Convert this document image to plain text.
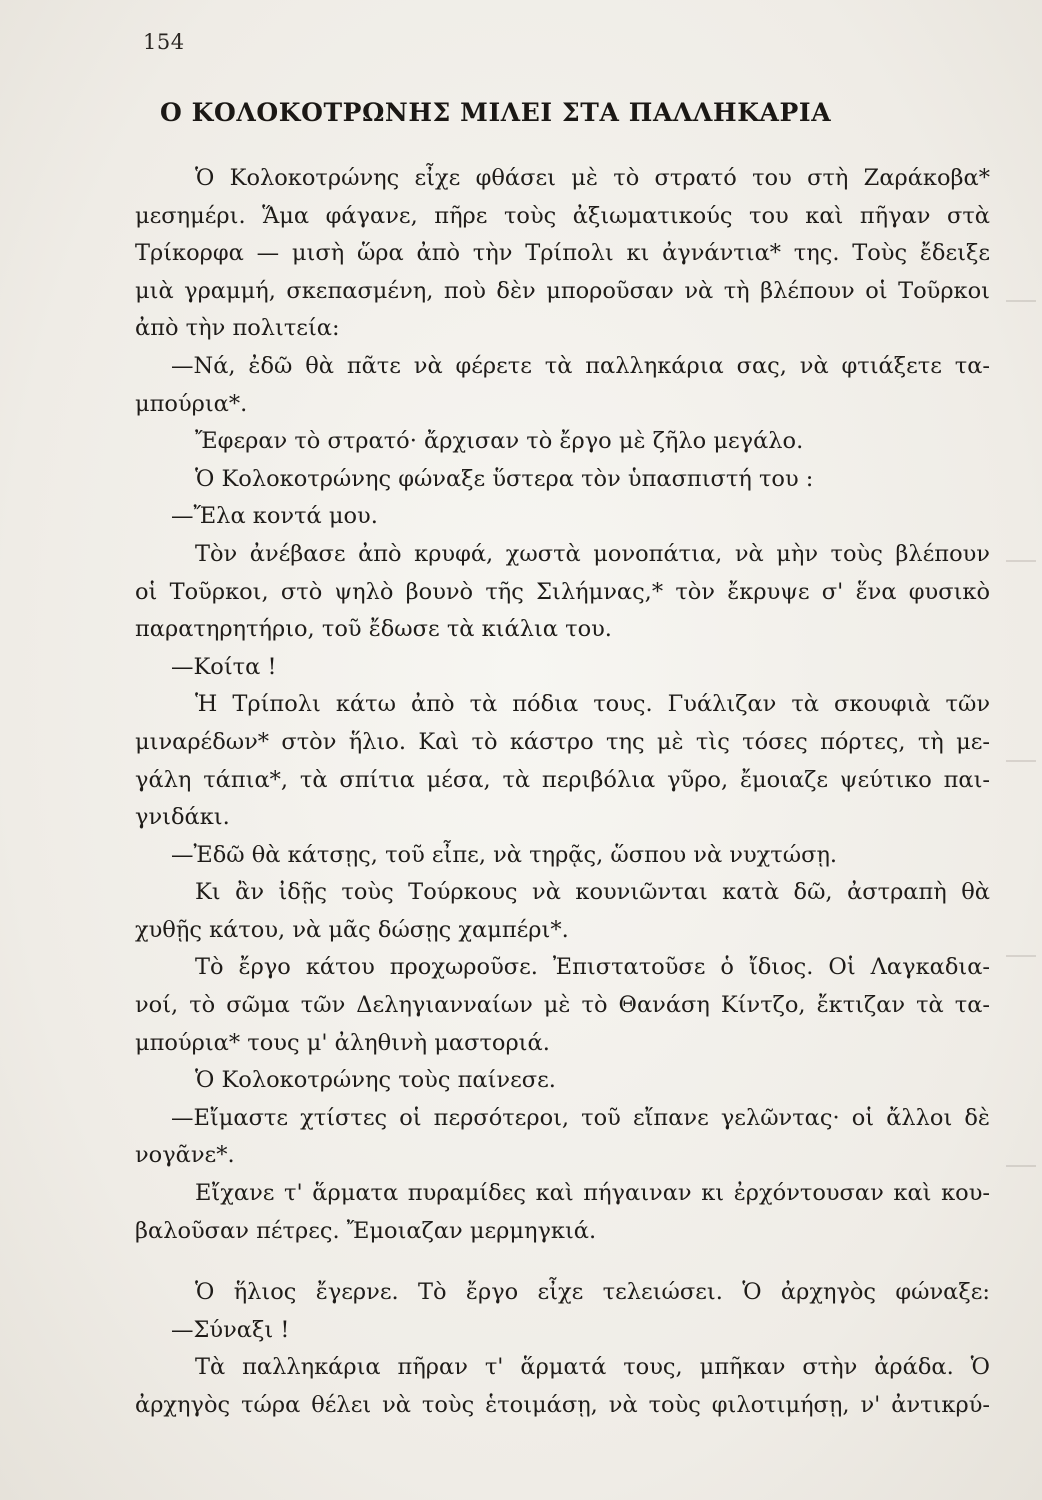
154
Ο ΚΟΛΟΚΟΤΡΩΝΗΣ ΜΙΛΕΙ ΣΤΑ ΠΑΛΛΗΚΑΡΙΑ
Ὁ Κολοκοτρώνης εἶχε φθάσει μὲ τὸ στρατό του στὴ Ζαράκοβα*
μεσημέρι. Ἅμα φάγανε, πῆρε τοὺς ἀξιωματικούς του καὶ πῆγαν στὰ
Τρίκορφα — μισὴ ὥρα ἀπὸ τὴν Τρίπολι κι ἀγνάντια* της. Τοὺς ἔδειξε
μιὰ γραμμή, σκεπασμένη, ποὺ δὲν μποροῦσαν νὰ τὴ βλέπουν οἱ Τοῦρκοι
ἀπὸ τὴν πολιτεία:
—Νά, ἐδῶ θὰ πᾶτε νὰ φέρετε τὰ παλληκάρια σας, νὰ φτιάξετε τα-
μπούρια*.
Ἔφεραν τὸ στρατό· ἄρχισαν τὸ ἔργο μὲ ζῆλο μεγάλο.
Ὁ Κολοκοτρώνης φώναξε ὕστερα τὸν ὑπασπιστή του :
—Ἔλα κοντά μου.
Τὸν ἀνέβασε ἀπὸ κρυφά, χωστὰ μονοπάτια, νὰ μὴν τοὺς βλέπουν
οἱ Τοῦρκοι, στὸ ψηλὸ βουνὸ τῆς Σιλήμνας,* τὸν ἔκρυψε σ' ἕνα φυσικὸ
παρατηρητήριο, τοῦ ἔδωσε τὰ κιάλια του.
—Κοίτα !
Ἡ Τρίπολι κάτω ἀπὸ τὰ πόδια τους. Γυάλιζαν τὰ σκουφιὰ τῶν
μιναρέδων* στὸν ἥλιο. Καὶ τὸ κάστρο της μὲ τὶς τόσες πόρτες, τὴ με-
γάλη τάπια*, τὰ σπίτια μέσα, τὰ περιβόλια γῦρο, ἔμοιαζε ψεύτικο παι-
γνιδάκι.
—Ἐδῶ θὰ κάτσῃς, τοῦ εἶπε, νὰ τηρᾷς, ὥσπου νὰ νυχτώσῃ.
Κι ἂν ἰδῇς τοὺς Τούρκους νὰ κουνιῶνται κατὰ δῶ, ἀστραπὴ θὰ
χυθῇς κάτου, νὰ μᾶς δώσῃς χαμπέρι*.
Τὸ ἔργο κάτου προχωροῦσε. Ἐπιστατοῦσε ὁ ἴδιος. Οἱ Λαγκαδια-
νοί, τὸ σῶμα τῶν Δεληγιανναίων μὲ τὸ Θανάση Κίντζο, ἔκτιζαν τὰ τα-
μπούρια* τους μ' ἀληθινὴ μαστοριά.
Ὁ Κολοκοτρώνης τοὺς παίνεσε.
—Εἴμαστε χτίστες οἱ περσότεροι, τοῦ εἴπανε γελῶντας· οἱ ἄλλοι δὲ
νογᾶνε*.
Εἴχανε τ' ἅρματα πυραμίδες καὶ πήγαιναν κι ἐρχόντουσαν καὶ κου-
βαλοῦσαν πέτρες. Ἔμοιαζαν μερμηγκιά.
Ὁ ἥλιος ἔγερνε. Τὸ ἔργο εἶχε τελειώσει. Ὁ ἀρχηγὸς φώναξε:
—Σύναξι !
Τὰ παλληκάρια πῆραν τ' ἅρματά τους, μπῆκαν στὴν ἀράδα. Ὁ
ἀρχηγὸς τώρα θέλει νὰ τοὺς ἑτοιμάσῃ, νὰ τοὺς φιλοτιμήσῃ, ν' ἀντικρύ-
